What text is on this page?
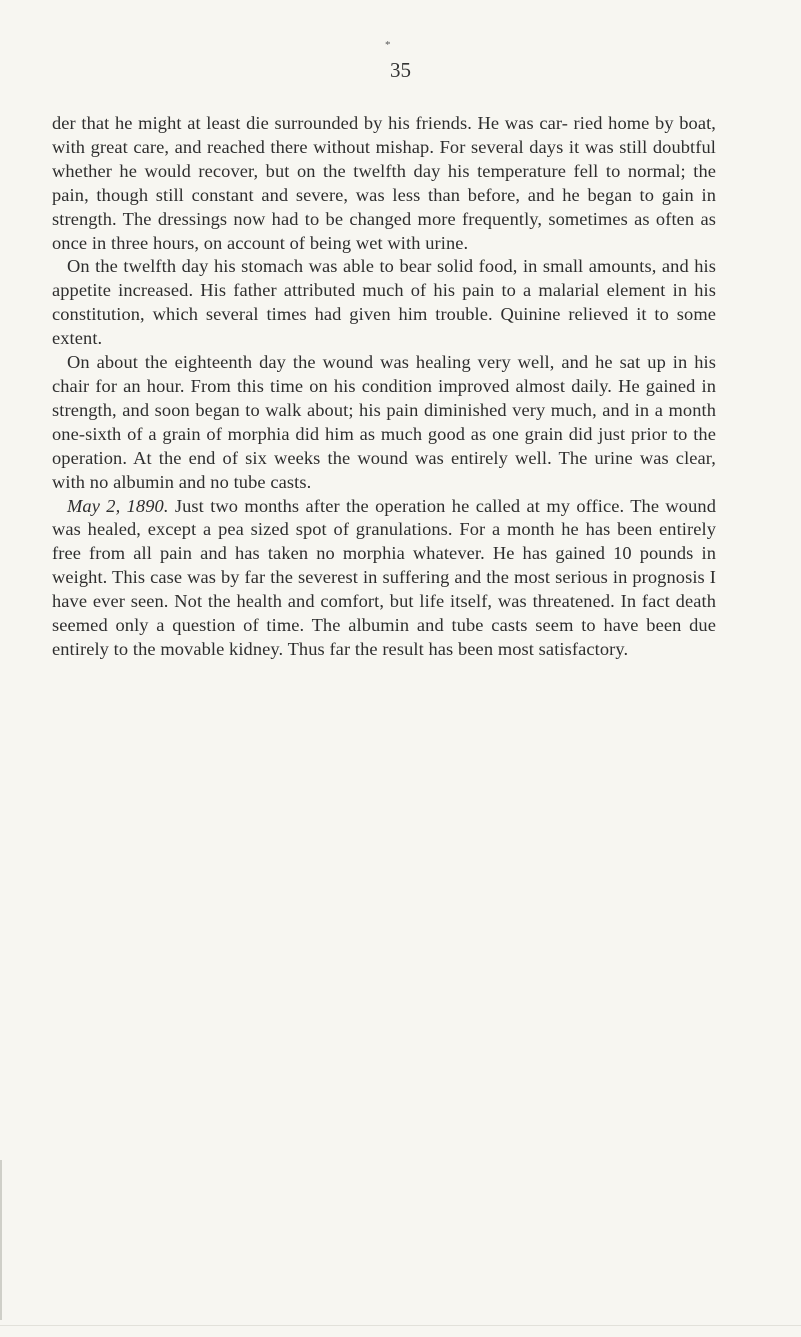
*
35

der that he might at least die surrounded by his friends. He was car- ried home by boat, with great care, and reached there without mishap. For several days it was still doubtful whether he would recover, but on the twelfth day his temperature fell to normal; the pain, though still constant and severe, was less than before, and he began to gain in strength. The dressings now had to be changed more frequently, sometimes as often as once in three hours, on account of being wet with urine.

On the twelfth day his stomach was able to bear solid food, in small amounts, and his appetite increased. His father attributed much of his pain to a malarial element in his constitution, which several times had given him trouble. Quinine relieved it to some extent.

On about the eighteenth day the wound was healing very well, and he sat up in his chair for an hour. From this time on his condition improved almost daily. He gained in strength, and soon began to walk about; his pain diminished very much, and in a month one-sixth of a grain of morphia did him as much good as one grain did just prior to the operation. At the end of six weeks the wound was entirely well. The urine was clear, with no albumin and no tube casts.

May 2, 1890. Just two months after the operation he called at my office. The wound was healed, except a pea sized spot of granulations. For a month he has been entirely free from all pain and has taken no morphia whatever. He has gained 10 pounds in weight. This case was by far the severest in suffering and the most serious in prognosis I have ever seen. Not the health and comfort, but life itself, was threatened. In fact death seemed only a question of time. The albumin and tube casts seem to have been due entirely to the movable kidney. Thus far the result has been most satisfactory.
